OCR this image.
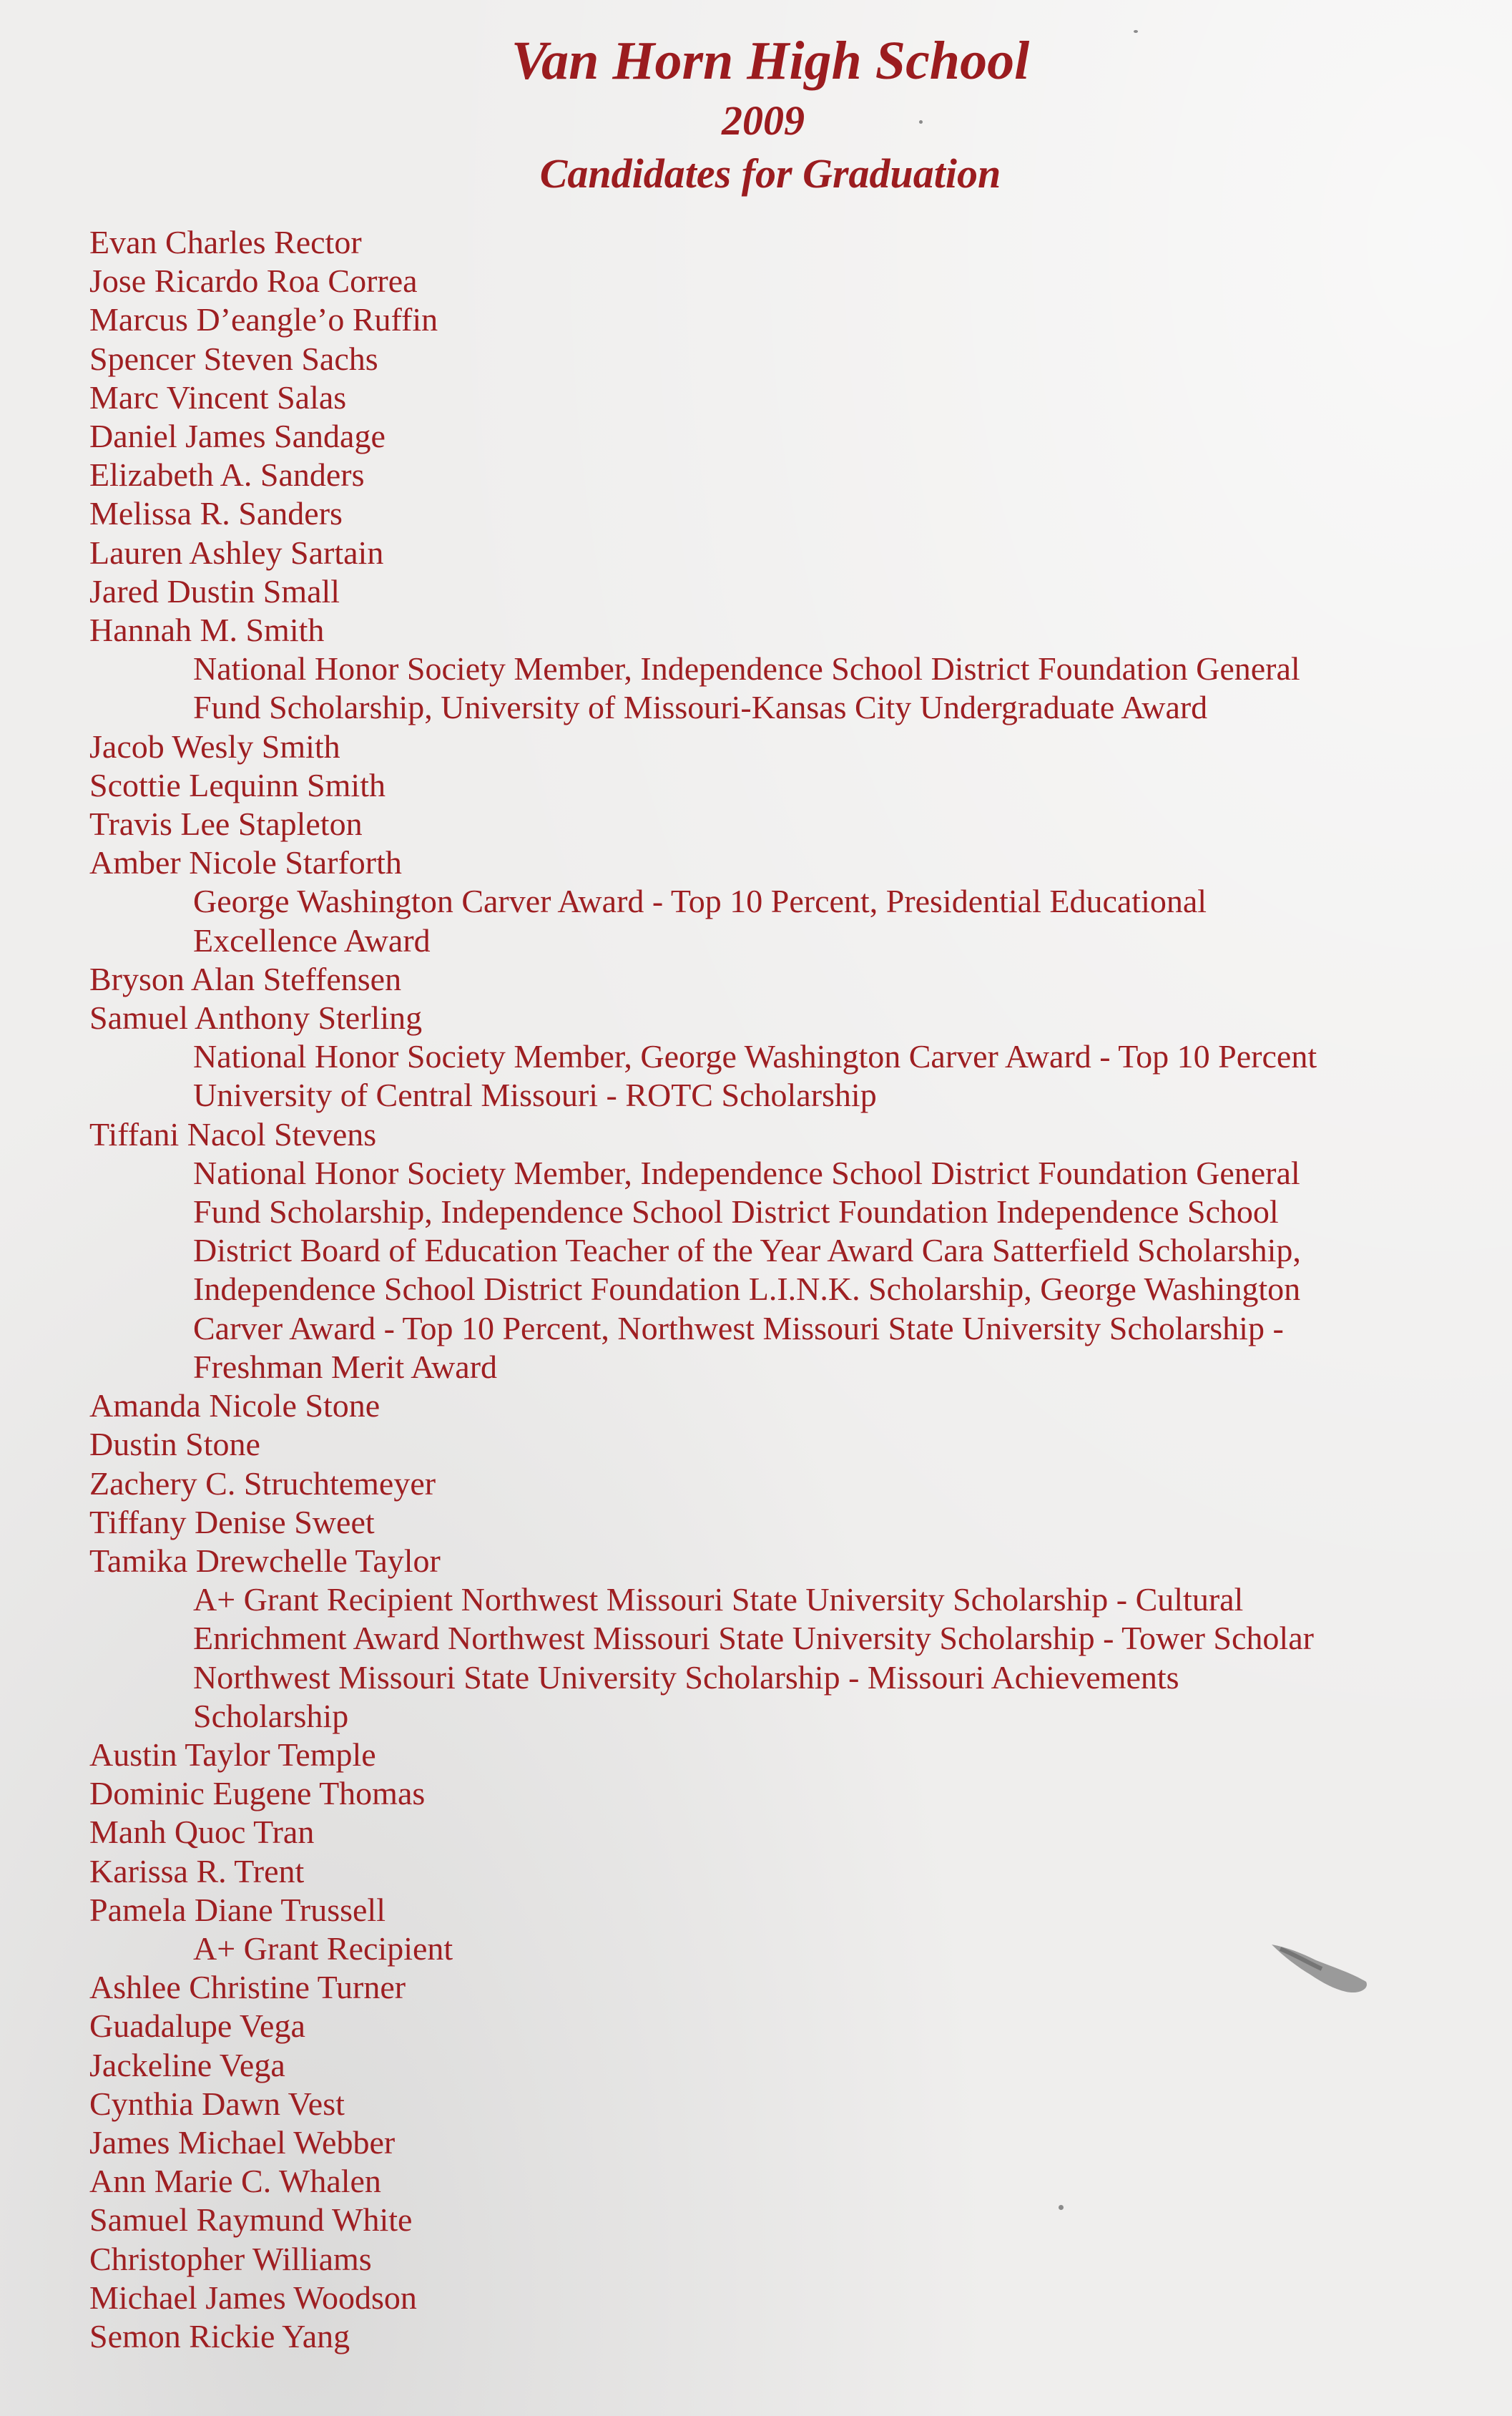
Van Horn High School
2009
Candidates for Graduation
Evan Charles Rector
Jose Ricardo Roa Correa
Marcus D’eangle’o Ruffin
Spencer Steven Sachs
Marc Vincent Salas
Daniel James Sandage
Elizabeth A. Sanders
Melissa R. Sanders
Lauren Ashley Sartain
Jared Dustin Small
Hannah M. Smith
National Honor Society Member, Independence School District Foundation General
Fund Scholarship, University of Missouri-Kansas City Undergraduate Award
Jacob Wesly Smith
Scottie Lequinn Smith
Travis Lee Stapleton
Amber Nicole Starforth
George Washington Carver Award - Top 10 Percent, Presidential Educational
Excellence Award
Bryson Alan Steffensen
Samuel Anthony Sterling
National Honor Society Member, George Washington Carver Award - Top 10 Percent
University of Central Missouri - ROTC Scholarship
Tiffani Nacol Stevens
National Honor Society Member, Independence School District Foundation General
Fund Scholarship, Independence School District Foundation Independence School
District Board of Education Teacher of the Year Award Cara Satterfield Scholarship,
Independence School District Foundation L.I.N.K. Scholarship, George Washington
Carver Award - Top 10 Percent, Northwest Missouri State University Scholarship -
Freshman Merit Award
Amanda Nicole Stone
Dustin Stone
Zachery C. Struchtemeyer
Tiffany Denise Sweet
Tamika Drewchelle Taylor
A+ Grant Recipient Northwest Missouri State University Scholarship - Cultural
Enrichment Award Northwest Missouri State University Scholarship - Tower Scholar
Northwest Missouri State University Scholarship - Missouri Achievements
Scholarship
Austin Taylor Temple
Dominic Eugene Thomas
Manh Quoc Tran
Karissa R. Trent
Pamela Diane Trussell
A+ Grant Recipient
Ashlee Christine Turner
Guadalupe Vega
Jackeline Vega
Cynthia Dawn Vest
James Michael Webber
Ann Marie C. Whalen
Samuel Raymund White
Christopher Williams
Michael James Woodson
Semon Rickie Yang
